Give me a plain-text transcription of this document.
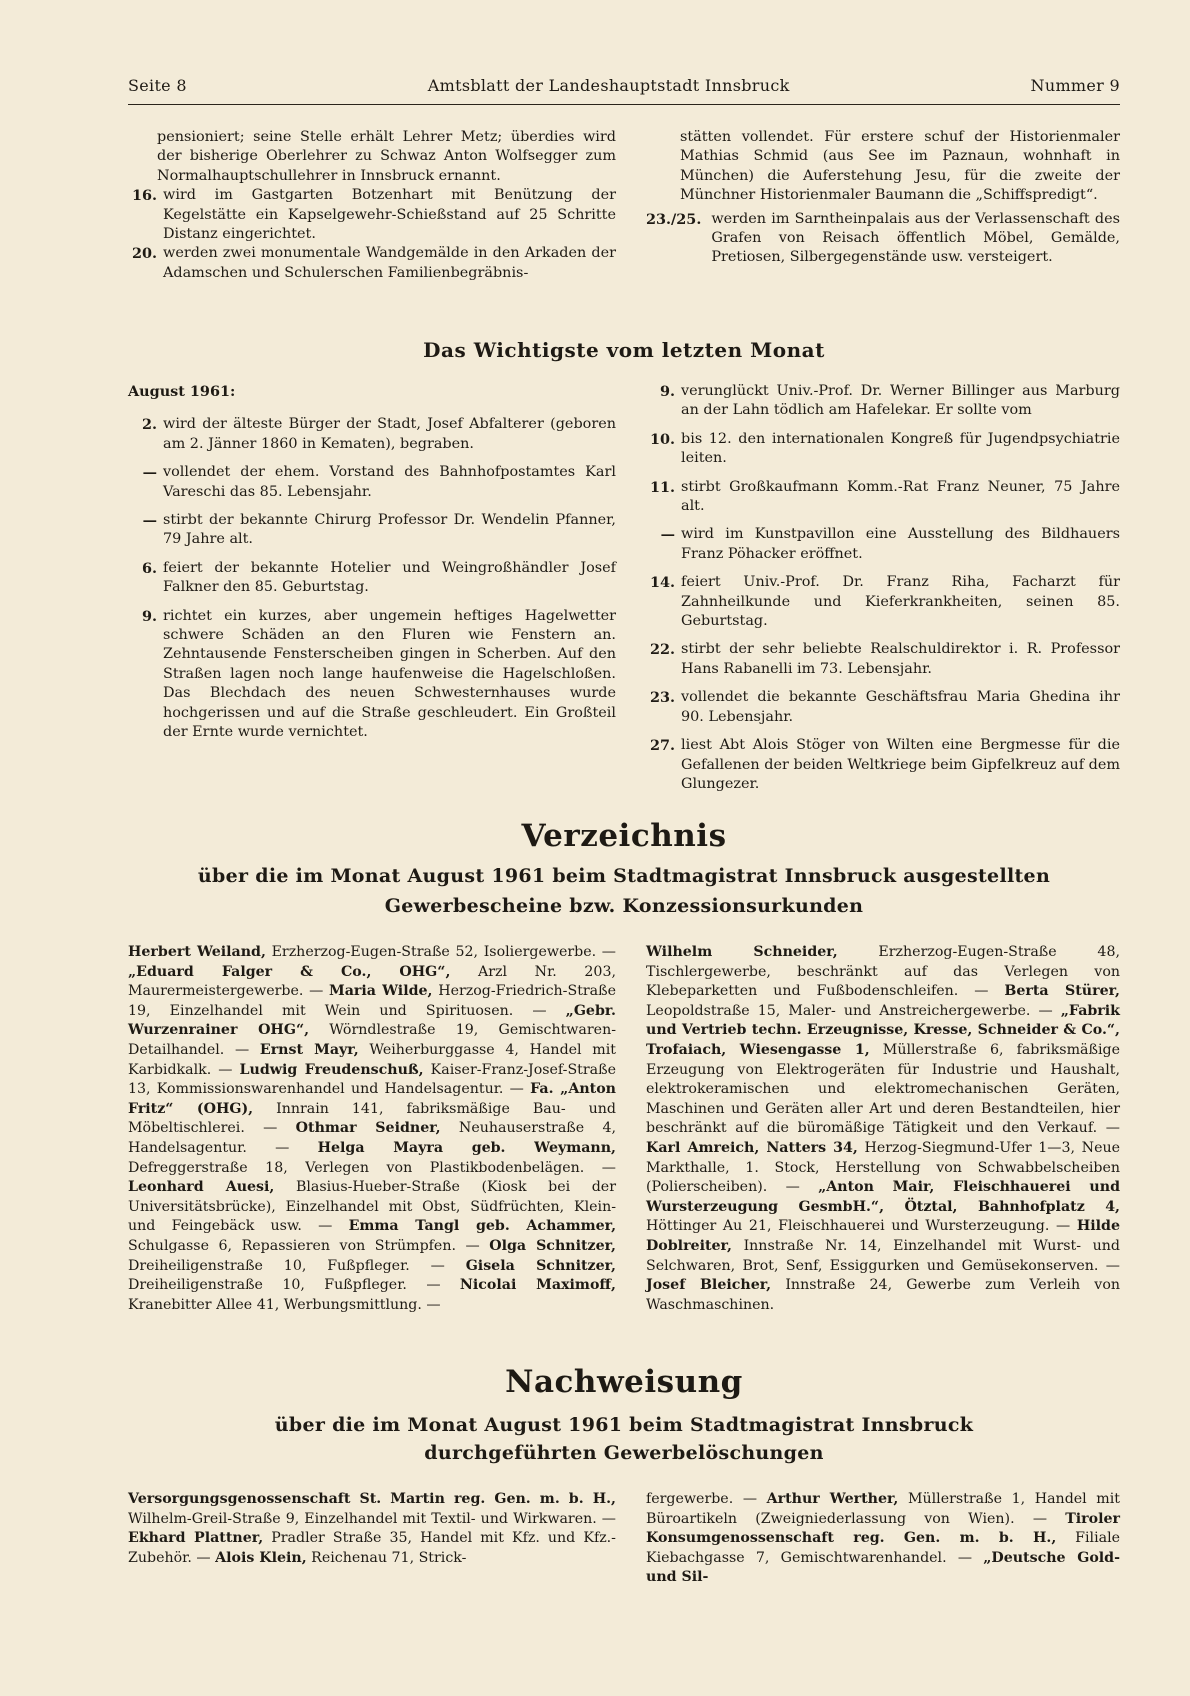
Seite 8	Amtsblatt der Landeshauptstadt Innsbruck	Nummer 9

pensioniert; seine Stelle erhält Lehrer Metz; überdies wird der bisherige Oberlehrer zu Schwaz Anton Wolfsegger zum Normalhauptschullehrer in Innsbruck ernannt.

16. wird im Gastgarten Botzenhart mit Benützung der Kegelstätte ein Kapselgewehr-Schießstand auf 25 Schritte Distanz eingerichtet.
20. werden zwei monumentale Wandgemälde in den Arkaden der Adamschen und Schulerschen Familienbegräbnis-

stätten vollendet. Für erstere schuf der Historienmaler Mathias Schmid (aus See im Paznaun, wohnhaft in München) die Auferstehung Jesu, für die zweite der Münchner Historienmaler Baumann die „Schiffspredigt“.

23./25. werden im Sarntheinpalais aus der Verlassenschaft des Grafen von Reisach öffentlich Möbel, Gemälde, Pretiosen, Silbergegenstände usw. versteigert.
Das Wichtigste vom letzten Monat
August 1961:
2. wird der älteste Bürger der Stadt, Josef Abfalterer (geboren am 2. Jänner 1860 in Kematen), begraben.
— vollendet der ehem. Vorstand des Bahnhofpostamtes Karl Vareschi das 85. Lebensjahr.
— stirbt der bekannte Chirurg Professor Dr. Wendelin Pfanner, 79 Jahre alt.
6. feiert der bekannte Hotelier und Weingroßhändler Josef Falkner den 85. Geburtstag.
9. richtet ein kurzes, aber ungemein heftiges Hagelwetter schwere Schäden an den Fluren wie Fenstern an. Zehntausende Fensterscheiben gingen in Scherben. Auf den Straßen lagen noch lange haufenweise die Hagelschloßen. Das Blechdach des neuen Schwesternhauses wurde hochgerissen und auf die Straße geschleudert. Ein Großteil der Ernte wurde vernichtet.
9. verunglückt Univ.-Prof. Dr. Werner Billinger aus Marburg an der Lahn tödlich am Hafelekar. Er sollte vom
10. bis 12. den internationalen Kongreß für Jugendpsychiatrie leiten.
11. stirbt Großkaufmann Komm.-Rat Franz Neuner, 75 Jahre alt.
— wird im Kunstpavillon eine Ausstellung des Bildhauers Franz Pöhacker eröffnet.
14. feiert Univ.-Prof. Dr. Franz Riha, Facharzt für Zahnheilkunde und Kieferkrankheiten, seinen 85. Geburtstag.
22. stirbt der sehr beliebte Realschuldirektor i. R. Professor Hans Rabanelli im 73. Lebensjahr.
23. vollendet die bekannte Geschäftsfrau Maria Ghedina ihr 90. Lebensjahr.
27. liest Abt Alois Stöger von Wilten eine Bergmesse für die Gefallenen der beiden Weltkriege beim Gipfelkreuz auf dem Glungezer.
Verzeichnis
über die im Monat August 1961 beim Stadtmagistrat Innsbruck ausgestellten
Gewerbescheine bzw. Konzessionsurkunden

Herbert Weiland, Erzherzog-Eugen-Straße 52, Isoliergewerbe. — „Eduard Falger & Co., OHG“, Arzl Nr. 203, Maurermeistergewerbe. — Maria Wilde, Herzog-Friedrich-Straße 19, Einzelhandel mit Wein und Spirituosen. — „Gebr. Wurzenrainer OHG“, Wörndlestraße 19, Gemischtwaren-Detailhandel. — Ernst Mayr, Weiherburggasse 4, Handel mit Karbidkalk. — Ludwig Freudenschuß, Kaiser-Franz-Josef-Straße 13, Kommissionswarenhandel und Handelsagentur. — Fa. „Anton Fritz“ (OHG), Innrain 141, fabriksmäßige Bau- und Möbeltischlerei. — Othmar Seidner, Neuhauserstraße 4, Handelsagentur. — Helga Mayra geb. Weymann, Defreggerstraße 18, Verlegen von Plastikbodenbelägen. — Leonhard Auesi, Blasius-Hueber-Straße (Kiosk bei der Universitätsbrücke), Einzelhandel mit Obst, Südfrüchten, Klein- und Feingebäck usw. — Emma Tangl geb. Achammer, Schulgasse 6, Repassieren von Strümpfen. — Olga Schnitzer, Dreiheiligenstraße 10, Fußpfleger. — Gisela Schnitzer, Dreiheiligenstraße 10, Fußpfleger. — Nicolai Maximoff, Kranebitter Allee 41, Werbungsmittlung. —

Wilhelm Schneider, Erzherzog-Eugen-Straße 48, Tischlergewerbe, beschränkt auf das Verlegen von Klebeparketten und Fußbodenschleifen. — Berta Stürer, Leopoldstraße 15, Maler- und Anstreichergewerbe. — „Fabrik und Vertrieb techn. Erzeugnisse, Kresse, Schneider & Co.“, Trofaiach, Wiesengasse 1, Müllerstraße 6, fabriksmäßige Erzeugung von Elektrogeräten für Industrie und Haushalt, elektrokeramischen und elektromechanischen Geräten, Maschinen und Geräten aller Art und deren Bestandteilen, hier beschränkt auf die büromäßige Tätigkeit und den Verkauf. — Karl Amreich, Natters 34, Herzog-Siegmund-Ufer 1—3, Neue Markthalle, 1. Stock, Herstellung von Schwabbelscheiben (Polierscheiben). — „Anton Mair, Fleischhauerei und Wursterzeugung GesmbH.“, Ötztal, Bahnhofplatz 4, Höttinger Au 21, Fleischhauerei und Wursterzeugung. — Hilde Doblreiter, Innstraße Nr. 14, Einzelhandel mit Wurst- und Selchwaren, Brot, Senf, Essiggurken und Gemüsekonserven. — Josef Bleicher, Innstraße 24, Gewerbe zum Verleih von Waschmaschinen.

Nachweisung
über die im Monat August 1961 beim Stadtmagistrat Innsbruck
durchgeführten Gewerbelöschungen

Versorgungsgenossenschaft St. Martin reg. Gen. m. b. H., Wilhelm-Greil-Straße 9, Einzelhandel mit Textil- und Wirkwaren. — Ekhard Plattner, Pradler Straße 35, Handel mit Kfz. und Kfz.-Zubehör. — Alois Klein, Reichenau 71, Strick-

fergewerbe. — Arthur Werther, Müllerstraße 1, Handel mit Büroartikeln (Zweigniederlassung von Wien). — Tiroler Konsumgenossenschaft reg. Gen. m. b. H., Filiale Kiebachgasse 7, Gemischtwarenhandel. — „Deutsche Gold- und Sil-
